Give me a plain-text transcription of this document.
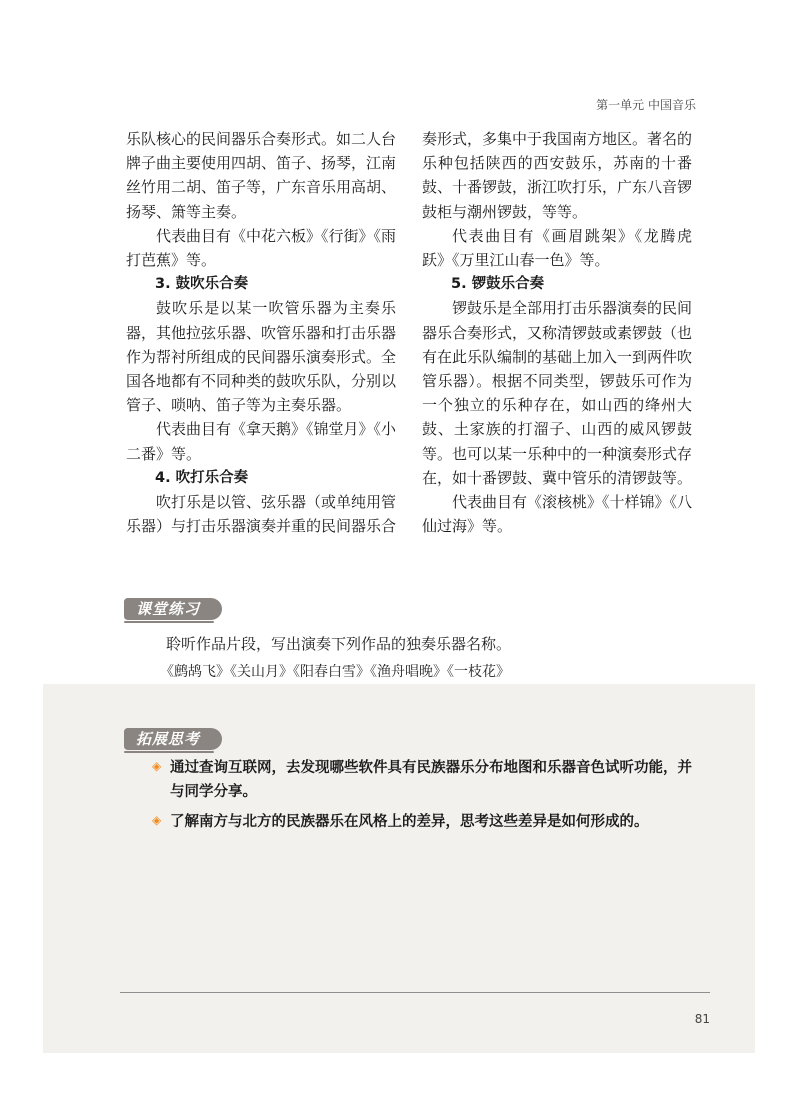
第一单元 中国音乐

乐队核心的民间器乐合奏形式。如二人台牌子曲主要使用四胡、笛子、扬琴，江南丝竹用二胡、笛子等，广东音乐用高胡、扬琴、箫等主奏。

代表曲目有《中花六板》《行街》《雨打芭蕉》等。

3. 鼓吹乐合奏

鼓吹乐是以某一吹管乐器为主奏乐器，其他拉弦乐器、吹管乐器和打击乐器作为帮衬所组成的民间器乐演奏形式。全国各地都有不同种类的鼓吹乐队，分别以管子、唢呐、笛子等为主奏乐器。

代表曲目有《拿天鹅》《锦堂月》《小二番》等。

4. 吹打乐合奏

吹打乐是以管、弦乐器（或单纯用管乐器）与打击乐器演奏并重的民间器乐合

奏形式，多集中于我国南方地区。著名的乐种包括陕西的西安鼓乐，苏南的十番鼓、十番锣鼓，浙江吹打乐，广东八音锣鼓柜与潮州锣鼓，等等。

代表曲目有《画眉跳架》《龙腾虎跃》《万里江山春一色》等。

5. 锣鼓乐合奏

锣鼓乐是全部用打击乐器演奏的民间器乐合奏形式，又称清锣鼓或素锣鼓（也有在此乐队编制的基础上加入一到两件吹管乐器）。根据不同类型，锣鼓乐可作为一个独立的乐种存在，如山西的绛州大鼓、土家族的打溜子、山西的威风锣鼓等。也可以某一乐种中的一种演奏形式存在，如十番锣鼓、冀中管乐的清锣鼓等。

代表曲目有《滚核桃》《十样锦》《八仙过海》等。

课堂练习
聆听作品片段，写出演奏下列作品的独奏乐器名称。
《鹧鸪飞》《关山月》《阳春白雪》《渔舟唱晚》《一枝花》
拓展思考
◈ 通过查询互联网，去发现哪些软件具有民族器乐分布地图和乐器音色试听功能，并与同学分享。
◈ 了解南方与北方的民族器乐在风格上的差异，思考这些差异是如何形成的。
81
